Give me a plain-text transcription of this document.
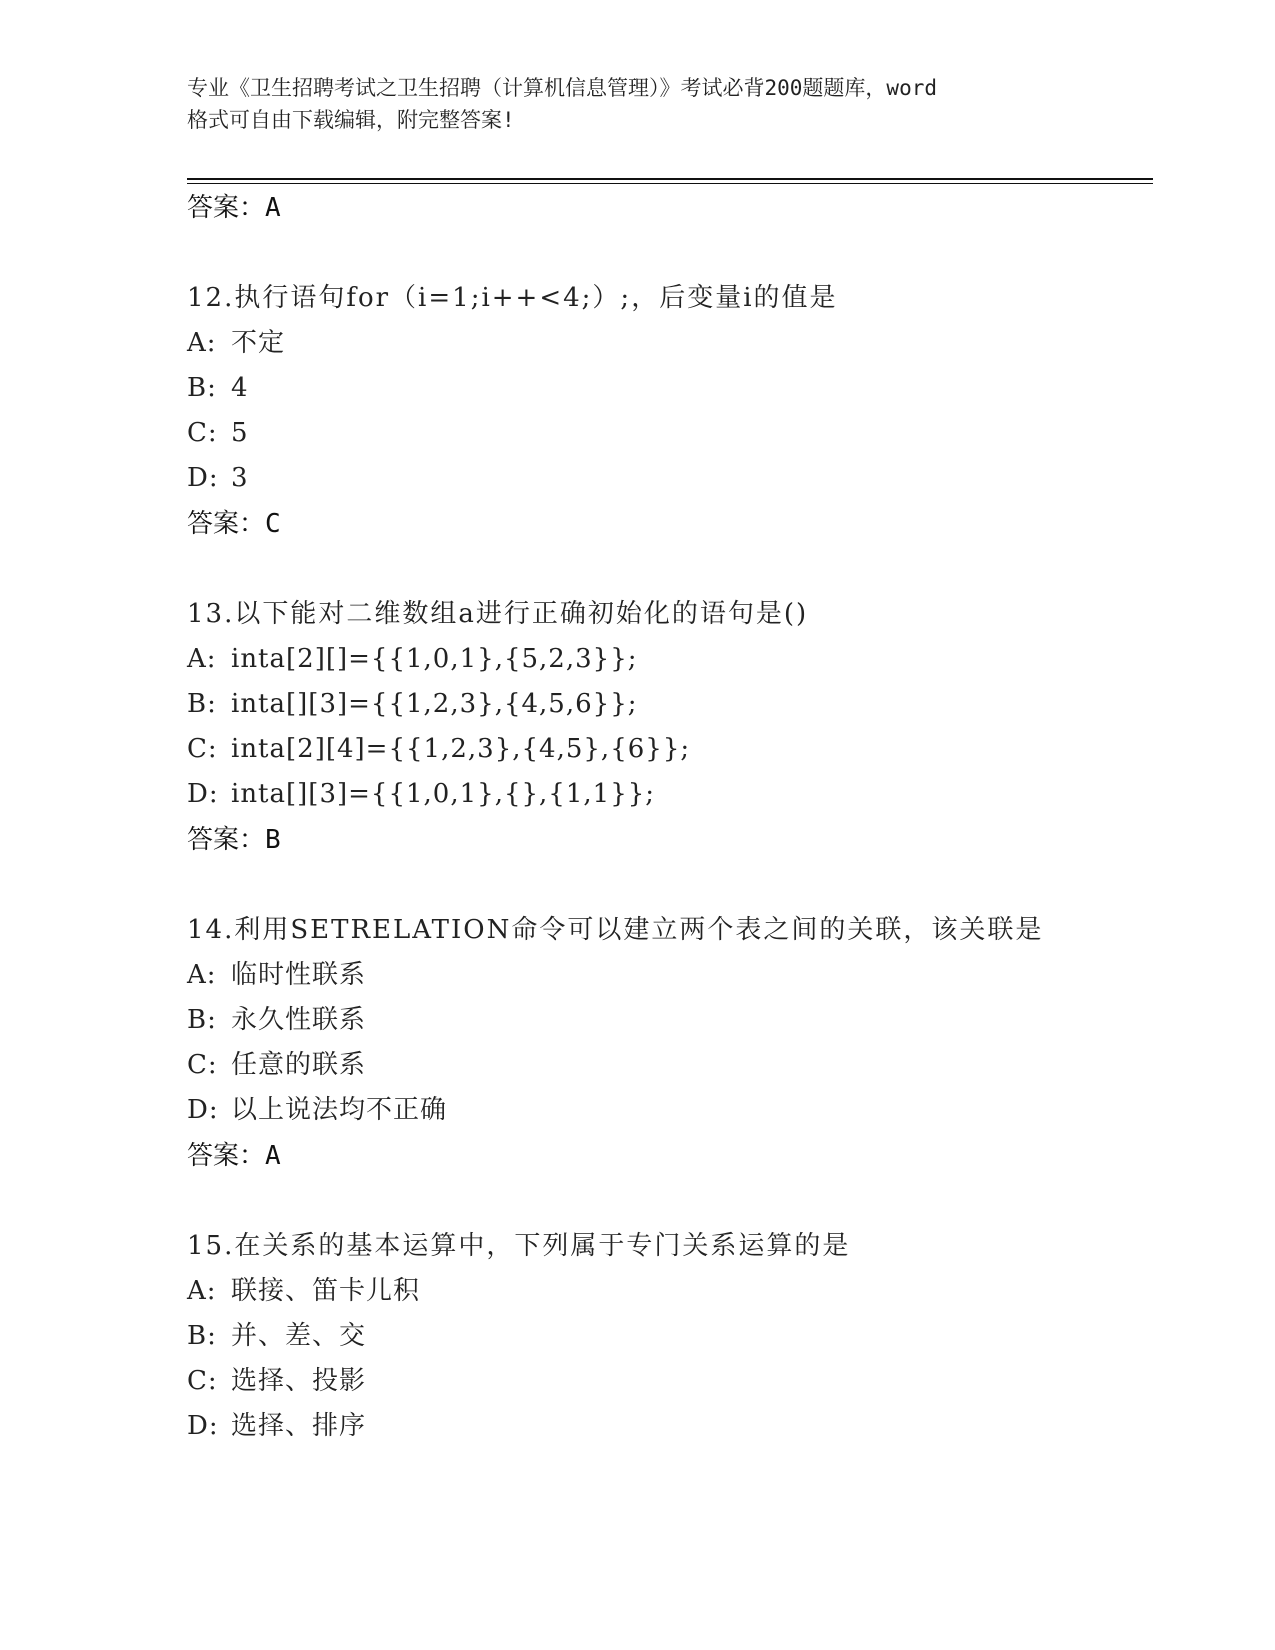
专业《卫生招聘考试之卫生招聘（计算机信息管理）》考试必背200题题库，word
格式可自由下载编辑，附完整答案!
答案：A
12.执行语句for（i=1;i++<4;）;，后变量i的值是
A: 不定
B: 4
C: 5
D: 3
答案：C
13.以下能对二维数组a进行正确初始化的语句是()
A: inta[2][]={{1,0,1},{5,2,3}};
B: inta[][3]={{1,2,3},{4,5,6}};
C: inta[2][4]={{1,2,3},{4,5},{6}};
D: inta[][3]={{1,0,1},{},{1,1}};
答案：B
14.利用SETRELATION命令可以建立两个表之间的关联，该关联是
A: 临时性联系
B: 永久性联系
C: 任意的联系
D: 以上说法均不正确
答案：A
15.在关系的基本运算中，下列属于专门关系运算的是
A: 联接、笛卡儿积
B: 并、差、交
C: 选择、投影
D: 选择、排序
